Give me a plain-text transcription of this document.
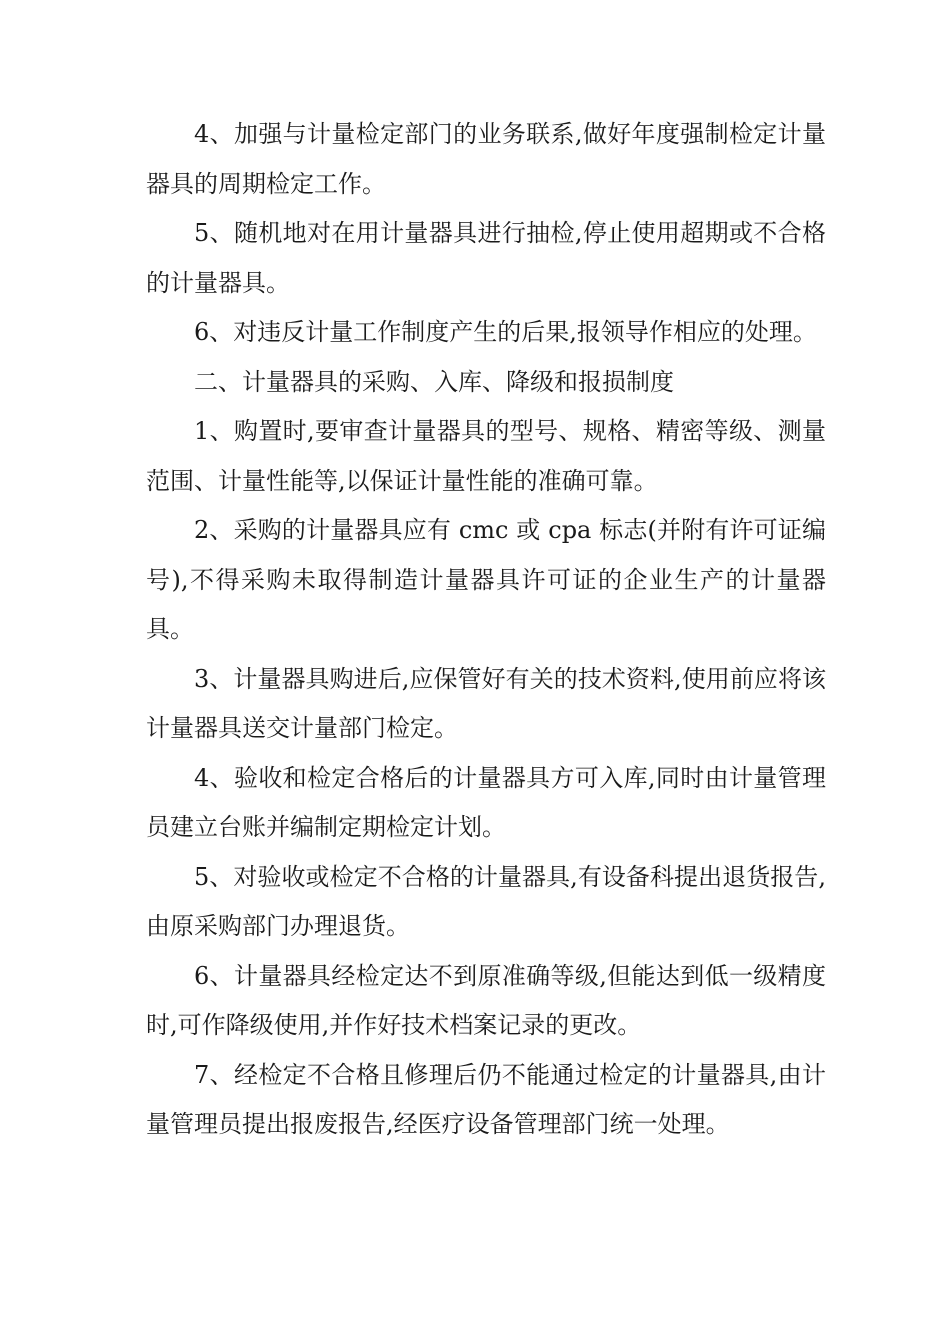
4、加强与计量检定部门的业务联系,做好年度强制检定计量器具的周期检定工作。

5、随机地对在用计量器具进行抽检,停止使用超期或不合格的计量器具。

6、对违反计量工作制度产生的后果,报领导作相应的处理。

二、计量器具的采购、入库、降级和报损制度

1、购置时,要审查计量器具的型号、规格、精密等级、测量范围、计量性能等,以保证计量性能的准确可靠。

2、采购的计量器具应有 cmc 或 cpa 标志(并附有许可证编号),不得采购未取得制造计量器具许可证的企业生产的计量器具。

3、计量器具购进后,应保管好有关的技术资料,使用前应将该计量器具送交计量部门检定。

4、验收和检定合格后的计量器具方可入库,同时由计量管理员建立台账并编制定期检定计划。

5、对验收或检定不合格的计量器具,有设备科提出退货报告,由原采购部门办理退货。

6、计量器具经检定达不到原准确等级,但能达到低一级精度时,可作降级使用,并作好技术档案记录的更改。

7、经检定不合格且修理后仍不能通过检定的计量器具,由计量管理员提出报废报告,经医疗设备管理部门统一处理。
